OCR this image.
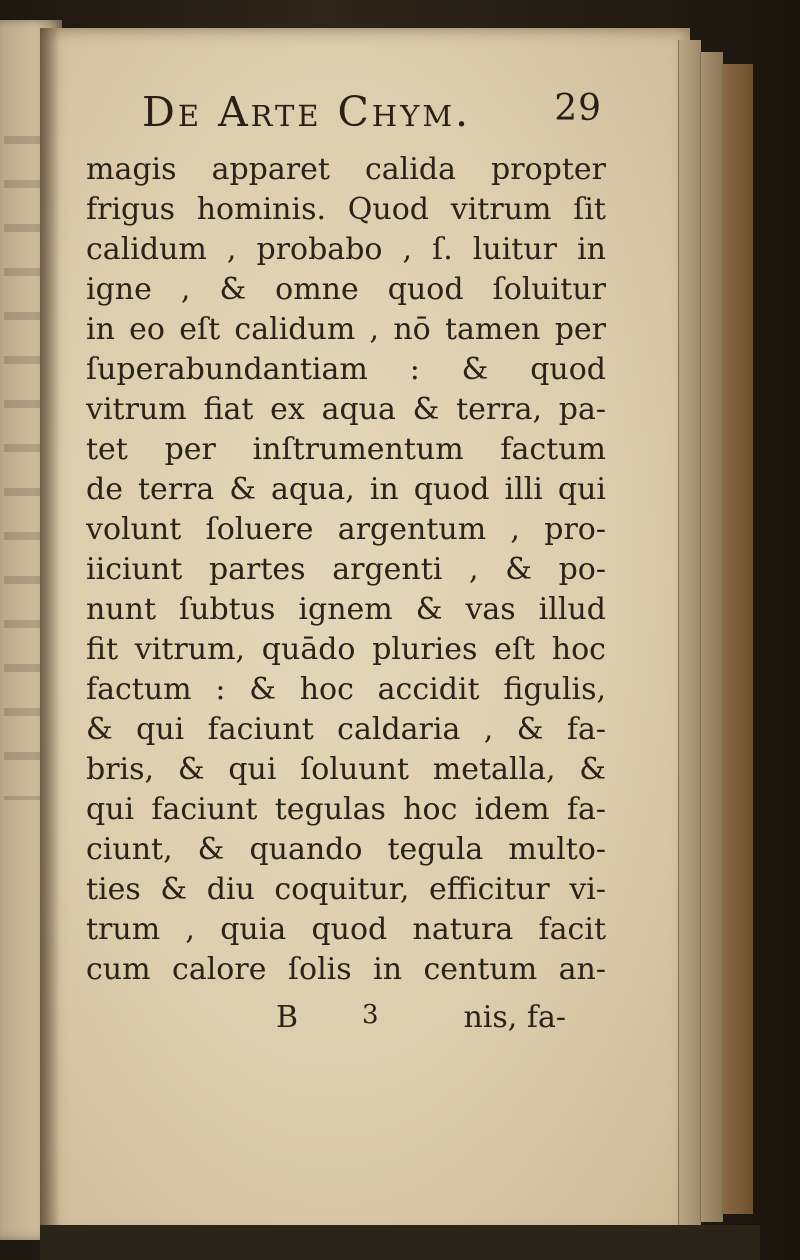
De Arte Chym. 29
magis apparet calida propter
frigus hominis. Quod vitrum ſit
calidum , probabo , ſ. luitur in
igne , & omne quod ſoluitur
in eo eſt calidum , nō tamen per
ſuperabundantiam : & quod
vitrum fiat ex aqua & terra, pa-
tet per inſtrumentum factum
de terra & aqua, in quod illi qui
volunt ſoluere argentum , pro-
iiciunt partes argenti , & po-
nunt ſubtus ignem & vas illud
fit vitrum, quādo pluries eſt hoc
factum : & hoc accidit figulis,
& qui faciunt caldaria , & fa-
bris, & qui ſoluunt metalla, &
qui faciunt tegulas hoc idem fa-
ciunt, & quando tegula multo-
ties & diu coquitur, efficitur vi-
trum , quia quod natura facit
cum calore ſolis in centum an-
B 3	nis, fa-
